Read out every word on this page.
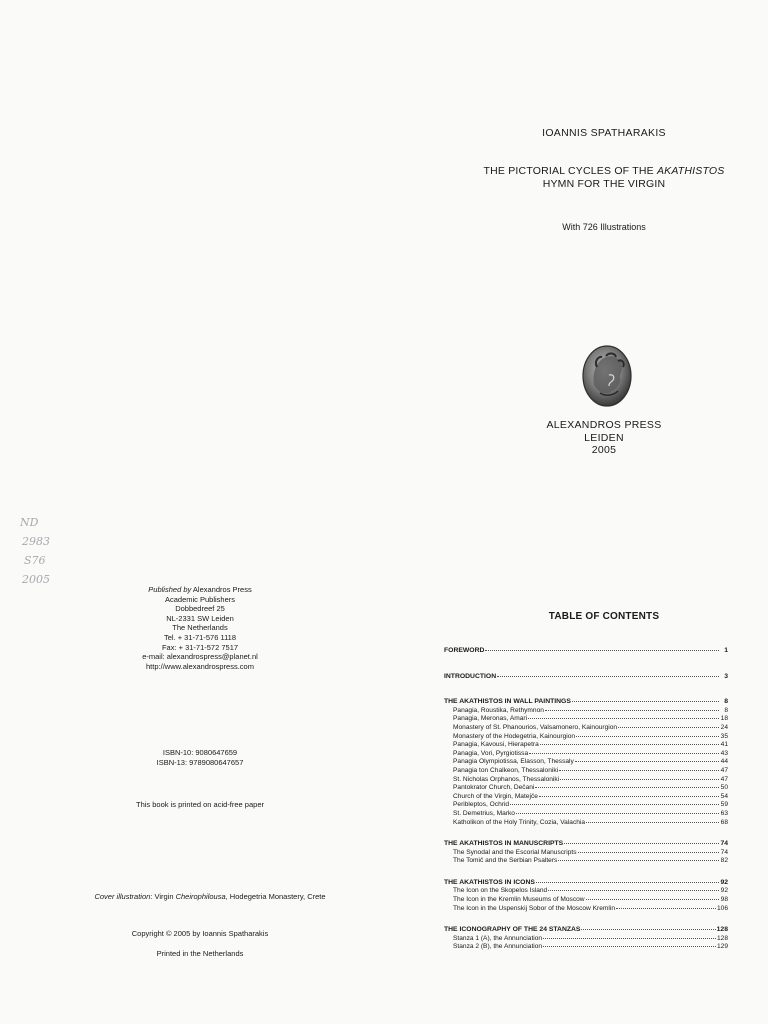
IOANNIS SPATHARAKIS
THE PICTORIAL CYCLES OF THE AKATHISTOS
HYMN FOR THE VIRGIN
With 726 Illustrations
ALEXANDROS PRESS
LEIDEN
2005
ND
2983
S76
2005
Published by Alexandros Press
Academic Publishers
Dobbedreef 25
NL-2331 SW Leiden
The Netherlands
Tel. + 31-71-576 1118
Fax: + 31-71-572 7517
e-mail: alexandrospress@planet.nl
http://www.alexandrospress.com
ISBN-10: 9080647659
ISBN-13: 9789080647657
This book is printed on acid-free paper
Cover illustration: Virgin Cheirophilousa, Hodegetria Monastery, Crete
Copyright © 2005 by Ioannis Spatharakis
Printed in the Netherlands
TABLE OF CONTENTS
FOREWORD	1
INTRODUCTION	3
THE AKATHISTOS IN WALL PAINTINGS	8
Panagia, Roustika, Rethymnon	8
Panagia, Meronas, Amari	18
Monastery of St. Phanourios, Valsamonero, Kainourgion	24
Monastery of the Hodegetria, Kainourgion	35
Panagia, Kavousi, Hierapetra	41
Panagia, Vori, Pyrgiotissa	43
Panagia Olympiotissa, Elasson, Thessaly	44
Panagia ton Chalkeon, Thessaloniki	47
St. Nicholas Orphanos, Thessaloniki	47
Pantokrator Church, Dečani	50
Church of the Virgin, Matejče	54
Peribleptos, Ochrid	59
St. Demetrius, Marko	63
Katholikon of the Holy Trinity, Cozia, Valachia	68
THE AKATHISTOS IN MANUSCRIPTS	74
The Synodal and the Escorial Manuscripts	74
The Tomič and the Serbian Psalters	82
THE AKATHISTOS IN ICONS	92
The Icon on the Skopelos Island	92
The Icon in the Kremlin Museums of Moscow	98
The Icon in the Uspenskij Sobor of the Moscow Kremlin	106
THE ICONOGRAPHY OF THE 24 STANZAS	128
Stanza 1 (A), the Annunciation	128
Stanza 2 (B), the Annunciation	129
